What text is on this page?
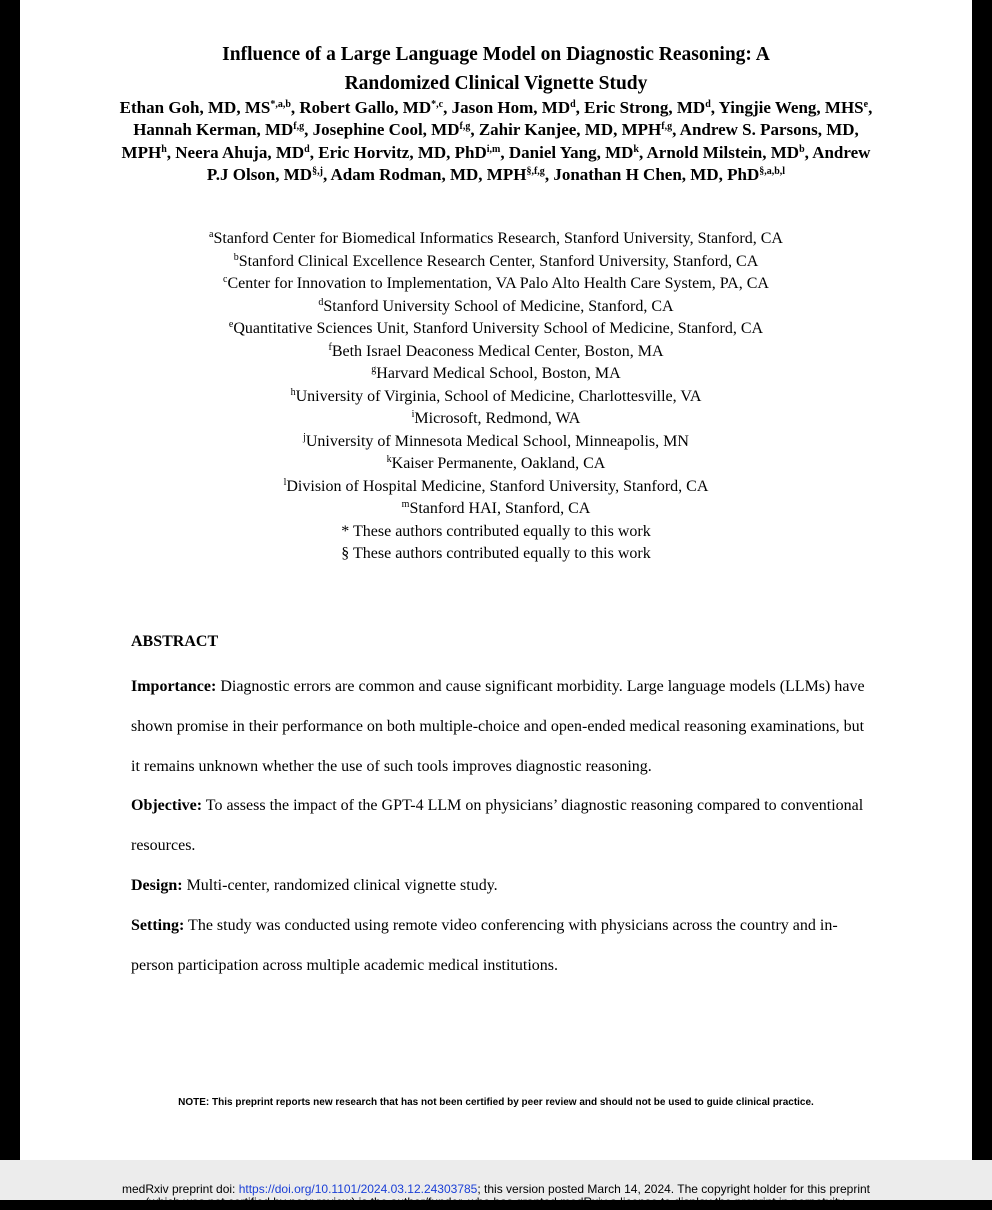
Influence of a Large Language Model on Diagnostic Reasoning: A
Randomized Clinical Vignette Study
Ethan Goh, MD, $MS^{*,a,b}$, Robert Gallo, $MD^{*,c}$, Jason Hom, $MD^d$, Eric Strong, $MD^d$, Yingjie Weng, MHS$^e$, Hannah Kerman, MD$^{f,g}$, Josephine Cool, MD$^{f,g}$, Zahir Kanjee, MD, MPH$^{f,g}$, Andrew S. Parsons, MD, MPH$^h$, Neera Ahuja, $MD^d$, Eric Horvitz, MD, PhD$^{i,m}$, Daniel Yang, $MD^k$, Arnold Milstein, $MD^b$, Andrew P.J Olson, $MD^{\S,j}$, Adam Rodman, MD, $MPH^{\S,f,g}$, Jonathan H Chen, MD, PhD$^{\S,a,b,l}$
$^a$Stanford Center for Biomedical Informatics Research, Stanford University, Stanford, CA
$^b$Stanford Clinical Excellence Research Center, Stanford University, Stanford, CA
$^c$Center for Innovation to Implementation, VA Palo Alto Health Care System, PA, CA
$^d$Stanford University School of Medicine, Stanford, CA
$^e$Quantitative Sciences Unit, Stanford University School of Medicine, Stanford, CA
$^f$Beth Israel Deaconess Medical Center, Boston, MA
$^g$Harvard Medical School, Boston, MA
$^h$University of Virginia, School of Medicine, Charlottesville, VA
$^i$Microsoft, Redmond, WA
$^j$University of Minnesota Medical School, Minneapolis, MN
$^k$Kaiser Permanente, Oakland, CA
$^l$Division of Hospital Medicine, Stanford University, Stanford, CA
$^m$Stanford HAI, Stanford, CA
* These authors contributed equally to this work
§ These authors contributed equally to this work
ABSTRACT

Importance: Diagnostic errors are common and cause significant morbidity. Large language models (LLMs) have shown promise in their performance on both multiple-choice and open-ended medical reasoning examinations, but it remains unknown whether the use of such tools improves diagnostic reasoning.

Objective: To assess the impact of the GPT-4 LLM on physicians’ diagnostic reasoning compared to conventional resources.

Design: Multi-center, randomized clinical vignette study.

Setting: The study was conducted using remote video conferencing with physicians across the country and in-person participation across multiple academic medical institutions.

NOTE: This preprint reports new research that has not been certified by peer review and should not be used to guide clinical practice.
medRxiv preprint doi: https://doi.org/10.1101/2024.03.12.24303785; this version posted March 14, 2024. The copyright holder for this preprint
(which was not certified by peer review) is the author/funder, who has granted medRxiv a license to display the preprint in perpetuity.
